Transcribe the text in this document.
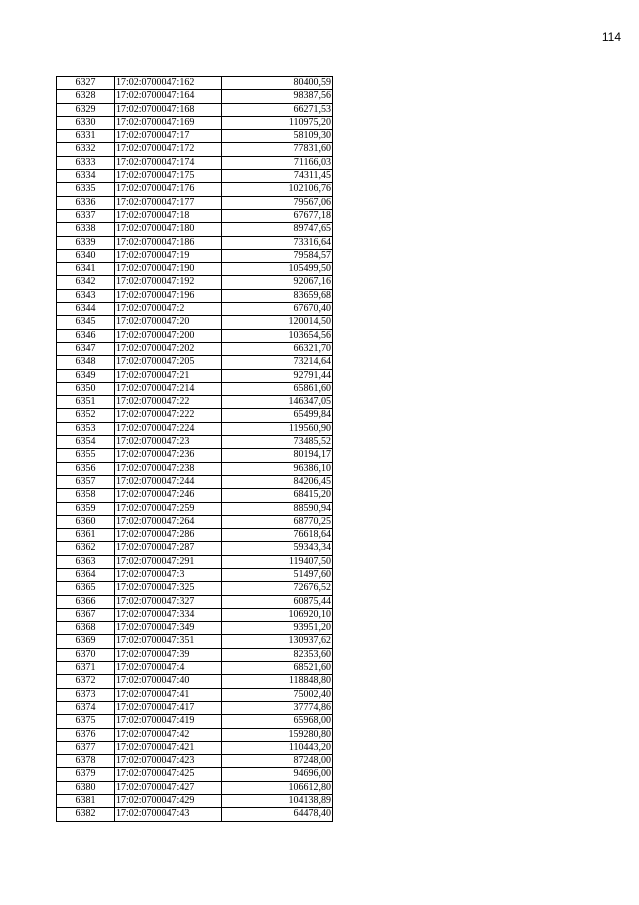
114
6327	17:02:0700047:162	80400,59
6328	17:02:0700047:164	98387,56
6329	17:02:0700047:168	66271,53
6330	17:02:0700047:169	110975,20
6331	17:02:0700047:17	58109,30
6332	17:02:0700047:172	77831,60
6333	17:02:0700047:174	71166,03
6334	17:02:0700047:175	74311,45
6335	17:02:0700047:176	102106,76
6336	17:02:0700047:177	79567,06
6337	17:02:0700047:18	67677,18
6338	17:02:0700047:180	89747,65
6339	17:02:0700047:186	73316,64
6340	17:02:0700047:19	79584,57
6341	17:02:0700047:190	105499,50
6342	17:02:0700047:192	92067,16
6343	17:02:0700047:196	83659,68
6344	17:02:0700047:2	67670,40
6345	17:02:0700047:20	120014,50
6346	17:02:0700047:200	103654,56
6347	17:02:0700047:202	66321,70
6348	17:02:0700047:205	73214,64
6349	17:02:0700047:21	92791,44
6350	17:02:0700047:214	65861,60
6351	17:02:0700047:22	146347,05
6352	17:02:0700047:222	65499,84
6353	17:02:0700047:224	119560,90
6354	17:02:0700047:23	73485,52
6355	17:02:0700047:236	80194,17
6356	17:02:0700047:238	96386,10
6357	17:02:0700047:244	84206,45
6358	17:02:0700047:246	68415,20
6359	17:02:0700047:259	88590,94
6360	17:02:0700047:264	68770,25
6361	17:02:0700047:286	76618,64
6362	17:02:0700047:287	59343,34
6363	17:02:0700047:291	119407,50
6364	17:02:0700047:3	51497,60
6365	17:02:0700047:325	72676,52
6366	17:02:0700047:327	60875,44
6367	17:02:0700047:334	106920,10
6368	17:02:0700047:349	93951,20
6369	17:02:0700047:351	130937,62
6370	17:02:0700047:39	82353,60
6371	17:02:0700047:4	68521,60
6372	17:02:0700047:40	118848,80
6373	17:02:0700047:41	75002,40
6374	17:02:0700047:417	37774,86
6375	17:02:0700047:419	65968,00
6376	17:02:0700047:42	159280,80
6377	17:02:0700047:421	110443,20
6378	17:02:0700047:423	87248,00
6379	17:02:0700047:425	94696,00
6380	17:02:0700047:427	106612,80
6381	17:02:0700047:429	104138,89
6382	17:02:0700047:43	64478,40
